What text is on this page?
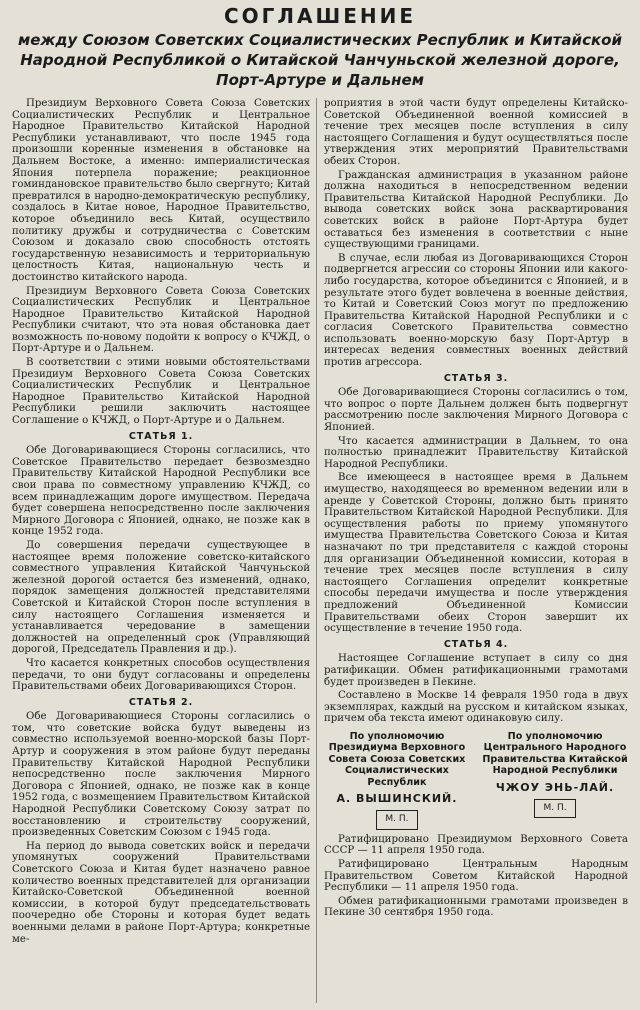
СОГЛАШЕНИЕ
между Союзом Советских Социалистических Республик и Китайской Народной Республикой о Китайской Чанчуньской железной дороге, Порт-Артуре и Дальнем

Президиум Верховного Совета Союза Советских Социалистических Республик и Центральное Народное Правительство Китайской Народной Республики устанавливают, что после 1945 года произошли коренные изменения в обстановке на Дальнем Востоке, а именно: империалистическая Япония потерпела поражение; реакционное гоминдановское правительство было свергнуто; Китай превратился в народно-демократическую республику, создалось в Китае новое, Народное Правительство, которое объединило весь Китай, осуществило политику дружбы и сотрудничества с Советским Союзом и доказало свою способность отстоять государственную независимость и территориальную целостность Китая, национальную честь и достоинство китайского народа.

Президиум Верховного Совета Союза Советских Социалистических Республик и Центральное Народное Правительство Китайской Народной Республики считают, что эта новая обстановка дает возможность по-новому подойти к вопросу о КЧЖД, о Порт-Артуре и о Дальнем.

В соответствии с этими новыми обстоятельствами Президиум Верховного Совета Союза Советских Социалистических Республик и Центральное Народное Правительство Китайской Народной Республики решили заключить настоящее Соглашение о КЧЖД, о Порт-Артуре и о Дальнем.

СТАТЬЯ 1.

Обе Договаривающиеся Стороны согласились, что Советское Правительство передает безвозмездно Правительству Китайской Народной Республики все свои права по совместному управлению КЧЖД, со всем принадлежащим дороге имуществом. Передача будет совершена непосредственно после заключения Мирного Договора с Японией, однако, не позже как в конце 1952 года.

До совершения передачи существующее в настоящее время положение советско-китайского совместного управления Китайской Чанчуньской железной дорогой остается без изменений, однако, порядок замещения должностей представителями Советской и Китайской Сторон после вступления в силу настоящего Соглашения изменяется и устанавливается чередование в замещении должностей на определенный срок (Управляющий дорогой, Председатель Правления и др.).

Что касается конкретных способов осуществления передачи, то они будут согласованы и определены Правительствами обеих Договаривающихся Сторон.

СТАТЬЯ 2.

Обе Договаривающиеся Стороны согласились о том, что советские войска будут выведены из совместно используемой военно-морской базы Порт-Артур и сооружения в этом районе будут переданы Правительству Китайской Народной Республики непосредственно после заключения Мирного Договора с Японией, однако, не позже как в конце 1952 года, с возмещением Правительством Китайской Народной Республики Советскому Союзу затрат по восстановлению и строительству сооружений, произведенных Советским Союзом с 1945 года.

На период до вывода советских войск и передачи упомянутых сооружений Правительствами Советского Союза и Китая будет назначено равное количество военных представителей для организации Китайско-Советской Объединенной военной комиссии, в которой будут председательствовать поочередно обе Стороны и которая будет ведать военными делами в районе Порт-Артура; конкретные ме-

роприятия в этой части будут определены Китайско-Советской Объединенной военной комиссией в течение трех месяцев после вступления в силу настоящего Соглашения и будут осуществляться после утверждения этих мероприятий Правительствами обеих Сторон.

Гражданская администрация в указанном районе должна находиться в непосредственном ведении Правительства Китайской Народной Республики. До вывода советских войск зона расквартирования советских войск в районе Порт-Артура будет оставаться без изменения в соответствии с ныне существующими границами.

В случае, если любая из Договаривающихся Сторон подвергнется агрессии со стороны Японии или какого-либо государства, которое объединится с Японией, и в результате этого будет вовлечена в военные действия, то Китай и Советский Союз могут по предложению Правительства Китайской Народной Республики и с согласия Советского Правительства совместно использовать военно-морскую базу Порт-Артур в интересах ведения совместных военных действий против агрессора.

СТАТЬЯ 3.

Обе Договаривающиеся Стороны согласились о том, что вопрос о порте Дальнем должен быть подвергнут рассмотрению после заключения Мирного Договора с Японией.

Что касается администрации в Дальнем, то она полностью принадлежит Правительству Китайской Народной Республики.

Все имеющееся в настоящее время в Дальнем имущество, находящееся во временном ведении или в аренде у Советской Стороны, должно быть принято Правительством Китайской Народной Республики. Для осуществления работы по приему упомянутого имущества Правительства Советского Союза и Китая назначают по три представителя с каждой стороны для организации Объединенной комиссии, которая в течение трех месяцев после вступления в силу настоящего Соглашения определит конкретные способы передачи имущества и после утверждения предложений Объединенной Комиссии Правительствами обеих Сторон завершит их осуществление в течение 1950 года.

СТАТЬЯ 4.

Настоящее Соглашение вступает в силу со дня ратификации. Обмен ратификационными грамотами будет произведен в Пекине.

Составлено в Москве 14 февраля 1950 года в двух экземплярах, каждый на русском и китайском языках, причем оба текста имеют одинаковую силу.

По уполномочию Президиума Верховного Совета Союза Советских Социалистических Республик
А. ВЫШИНСКИЙ.
М. П.
По уполномочию Центрального Народного Правительства Китайской Народной Республики
ЧЖОУ ЭНЬ-ЛАЙ.
М. П.

Ратифицировано Президиумом Верховного Совета СССР — 11 апреля 1950 года.

Ратифицировано Центральным Народным Правительством Советом Китайской Народной Республики — 11 апреля 1950 года.

Обмен ратификационными грамотами произведен в Пекине 30 сентября 1950 года.
